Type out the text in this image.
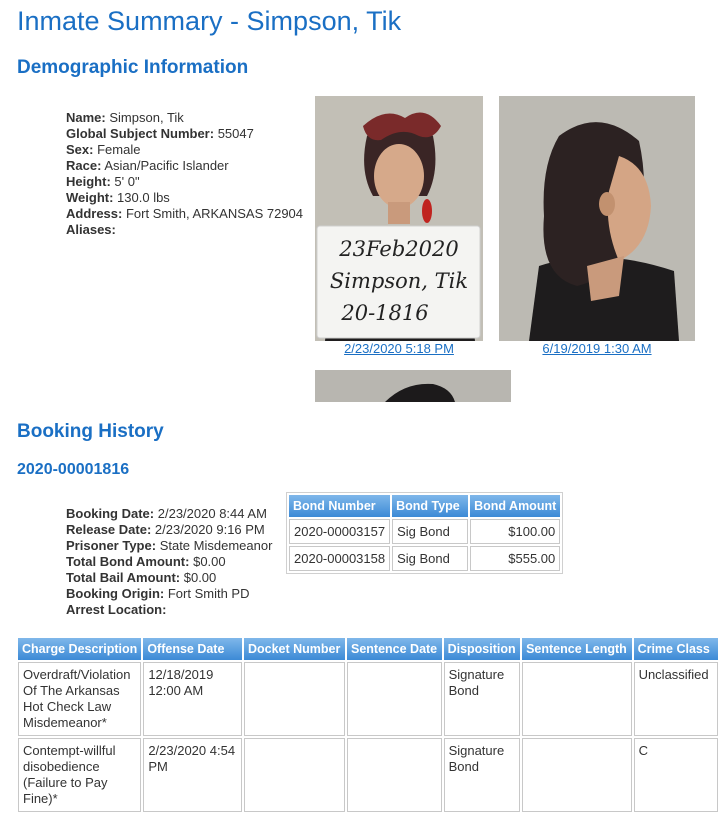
Inmate Summary - Simpson, Tik
Demographic Information
Name: Simpson, Tik
Global Subject Number: 55047
Sex: Female
Race: Asian/Pacific Islander
Height: 5' 0"
Weight: 130.0 lbs
Address: Fort Smith, ARKANSAS 72904
Aliases:
23Feb2020
Simpson, Tik
20-1816
2/23/2020 5:18 PM	6/19/2019 1:30 AM
Booking History
2020-00001816
Booking Date: 2/23/2020 8:44 AM
Release Date: 2/23/2020 9:16 PM
Prisoner Type: State Misdemeanor
Total Bond Amount: $0.00
Total Bail Amount: $0.00
Booking Origin: Fort Smith PD
Arrest Location:
Bond Number	Bond Type	Bond Amount
2020-00003157	Sig Bond	$100.00
2020-00003158	Sig Bond	$555.00
Charge Description	Offense Date	Docket Number	Sentence Date	Disposition	Sentence Length	Crime Class
Overdraft/Violation Of The Arkansas Hot Check Law Misdemeanor*	12/18/2019 12:00 AM			Signature Bond		Unclassified
Contempt-willful disobedience (Failure to Pay Fine)*	2/23/2020 4:54 PM			Signature Bond		C
